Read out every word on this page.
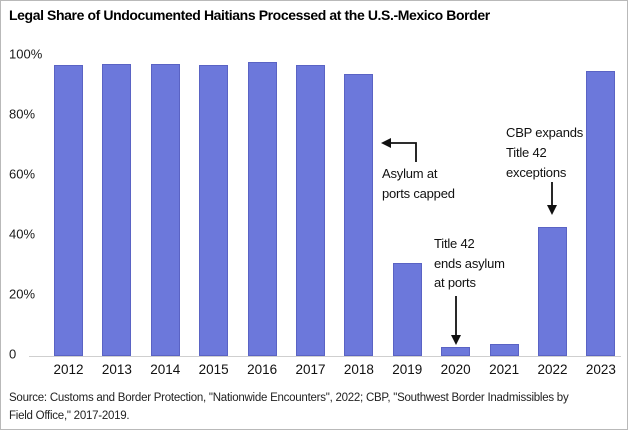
Legal Share of Undocumented Haitians Processed at the U.S.-Mexico Border
0
20%
40%
60%
80%
100%
2012	2013	2014	2015	2016	2017	2018	2019	2020	2021	2022	2023
Asylum at
ports capped
Title 42
ends asylum
at ports
CBP expands
Title 42
exceptions
Source: Customs and Border Protection, "Nationwide Encounters", 2022; CBP, "Southwest Border Inadmissibles by
Field Office," 2017-2019.
